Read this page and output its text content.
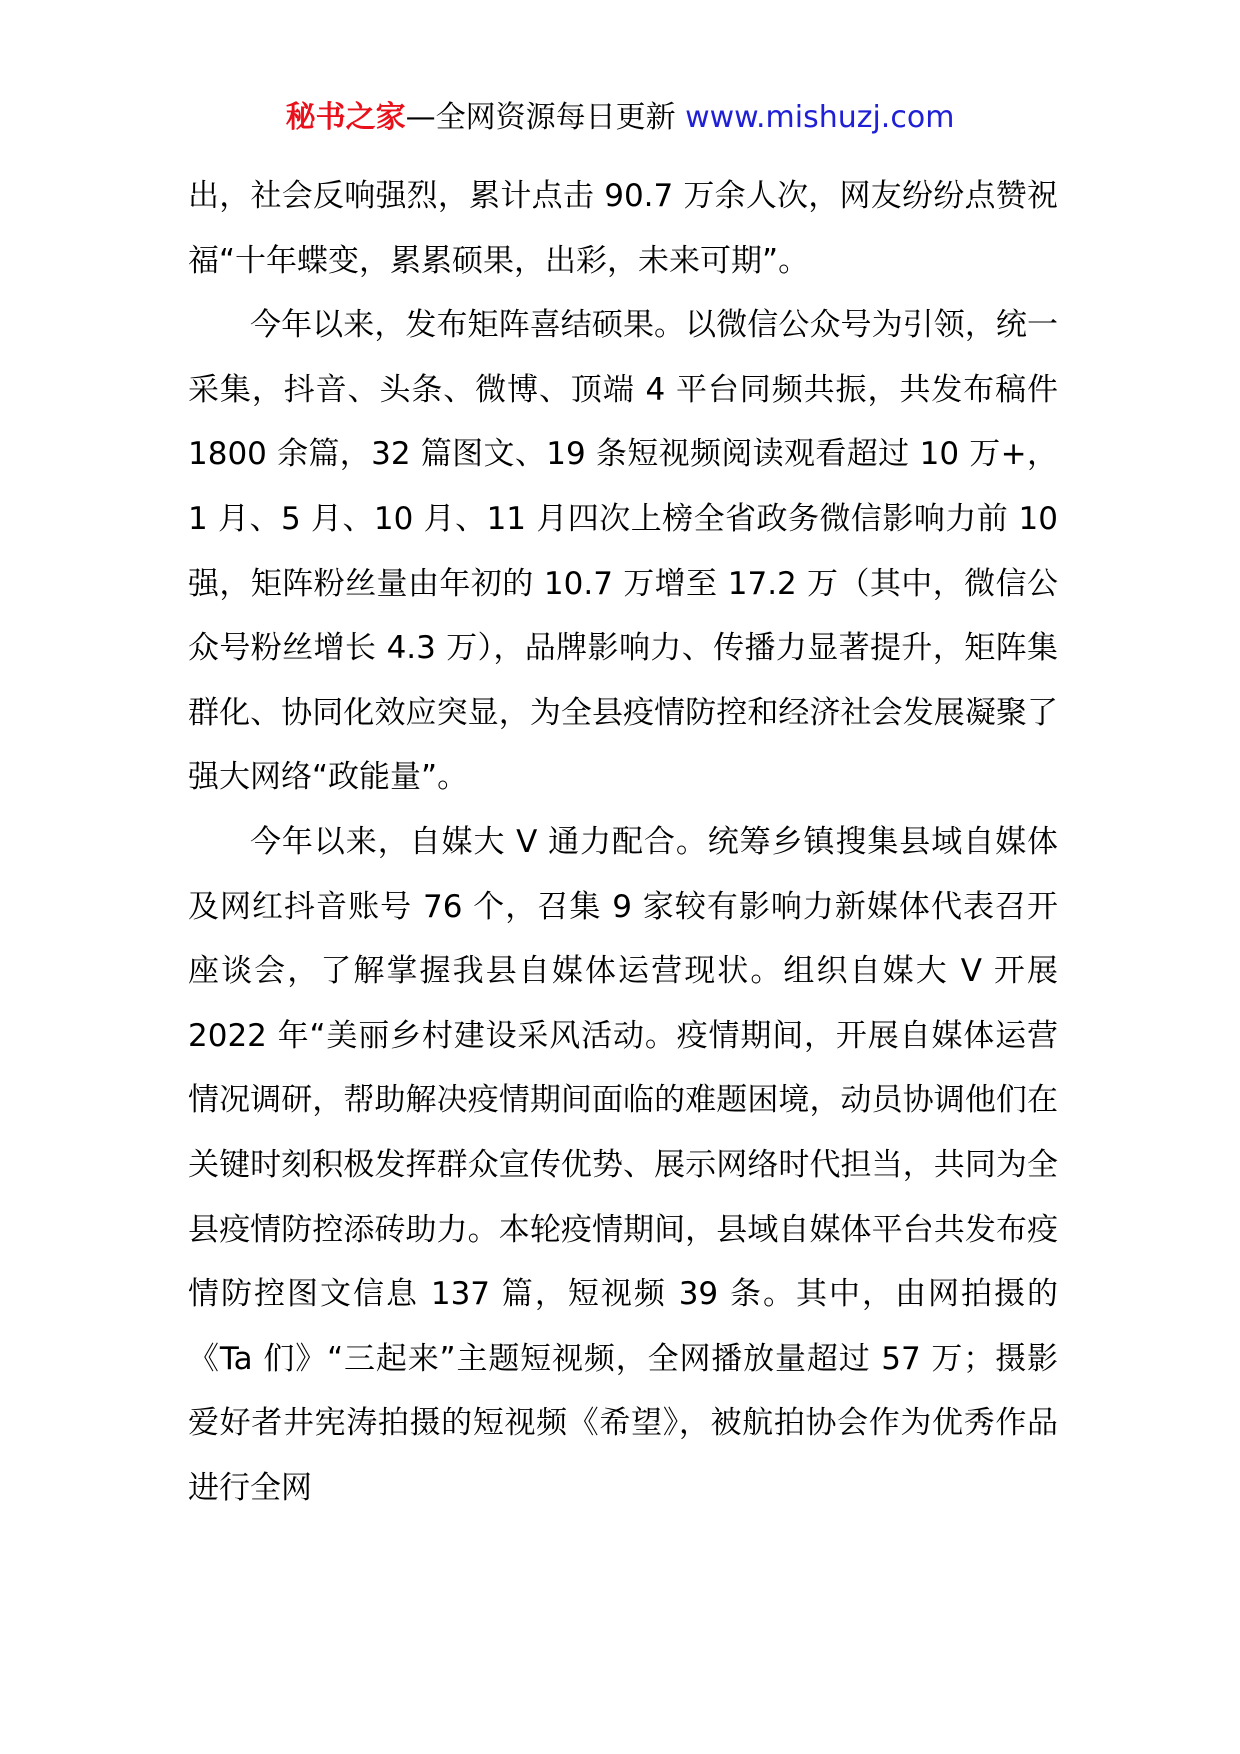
秘书之家—全网资源每日更新 www.mishuzj.com

出，社会反响强烈，累计点击 90.7 万余人次，网友纷纷点赞祝福“十年蝶变，累累硕果，出彩，未来可期”。

今年以来，发布矩阵喜结硕果。以微信公众号为引领，统一采集，抖音、头条、微博、顶端 4 平台同频共振，共发布稿件 1800 余篇，32 篇图文、19 条短视频阅读观看超过 10 万+，1 月、5 月、10 月、11 月四次上榜全省政务微信影响力前 10 强，矩阵粉丝量由年初的 10.7 万增至 17.2 万（其中，微信公众号粉丝增长 4.3 万），品牌影响力、传播力显著提升，矩阵集群化、协同化效应突显，为全县疫情防控和经济社会发展凝聚了强大网络“政能量”。

今年以来，自媒大 V 通力配合。统筹乡镇搜集县域自媒体及网红抖音账号 76 个，召集 9 家较有影响力新媒体代表召开座谈会，了解掌握我县自媒体运营现状。组织自媒大 V 开展 2022 年“美丽乡村建设采风活动。疫情期间，开展自媒体运营情况调研，帮助解决疫情期间面临的难题困境，动员协调他们在关键时刻积极发挥群众宣传优势、展示网络时代担当，共同为全县疫情防控添砖助力。本轮疫情期间，县域自媒体平台共发布疫情防控图文信息 137 篇，短视频 39 条。其中，由网拍摄的《Ta 们》“三起来”主题短视频，全网播放量超过 57 万；摄影爱好者井宪涛拍摄的短视频《希望》，被航拍协会作为优秀作品进行全网
